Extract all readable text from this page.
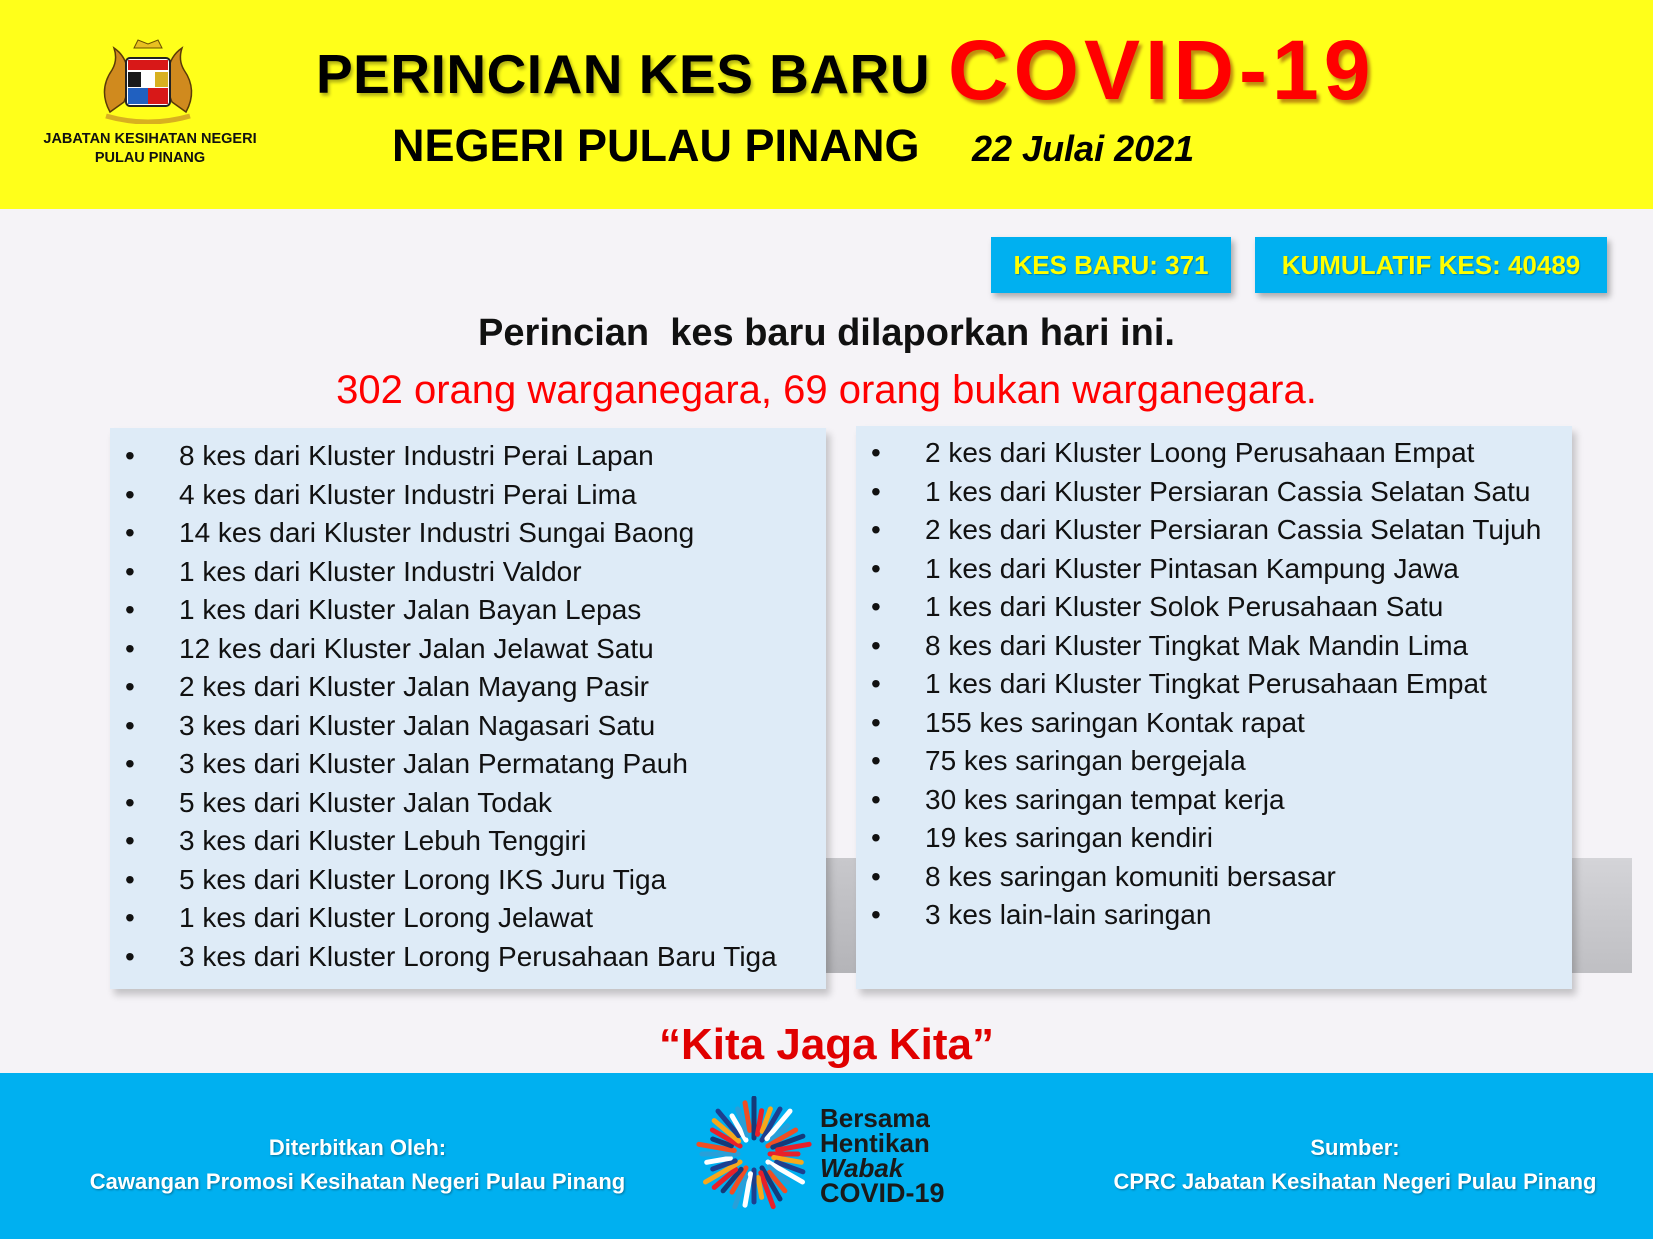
JABATAN KESIHATAN NEGERI PULAU PINANG
PERINCIAN KES BARU COVID-19
NEGERI PULAU PINANG 22 Julai 2021
KES BARU: 371	KUMULATIF KES: 40489
Perincian  kes baru dilaporkan hari ini.
302 orang warganegara, 69 orang bukan warganegara.
• 8 kes dari Kluster Industri Perai Lapan
• 4 kes dari Kluster Industri Perai Lima
• 14 kes dari Kluster Industri Sungai Baong
• 1 kes dari Kluster Industri Valdor
• 1 kes dari Kluster Jalan Bayan Lepas
• 12 kes dari Kluster Jalan Jelawat Satu
• 2 kes dari Kluster Jalan Mayang Pasir
• 3 kes dari Kluster Jalan Nagasari Satu
• 3 kes dari Kluster Jalan Permatang Pauh
• 5 kes dari Kluster Jalan Todak
• 3 kes dari Kluster Lebuh Tenggiri
• 5 kes dari Kluster Lorong IKS Juru Tiga
• 1 kes dari Kluster Lorong Jelawat
• 3 kes dari Kluster Lorong Perusahaan Baru Tiga
• 2 kes dari Kluster Loong Perusahaan Empat
• 1 kes dari Kluster Persiaran Cassia Selatan Satu
• 2 kes dari Kluster Persiaran Cassia Selatan Tujuh
• 1 kes dari Kluster Pintasan Kampung Jawa
• 1 kes dari Kluster Solok Perusahaan Satu
• 8 kes dari Kluster Tingkat Mak Mandin Lima
• 1 kes dari Kluster Tingkat Perusahaan Empat
• 155 kes saringan Kontak rapat
• 75 kes saringan bergejala
• 30 kes saringan tempat kerja
• 19 kes saringan kendiri
• 8 kes saringan komuniti bersasar
• 3 kes lain-lain saringan
“Kita Jaga Kita”
Diterbitkan Oleh:
Cawangan Promosi Kesihatan Negeri Pulau Pinang
Sumber:
CPRC Jabatan Kesihatan Negeri Pulau Pinang
Bersama
Hentikan
Wabak
COVID-19
